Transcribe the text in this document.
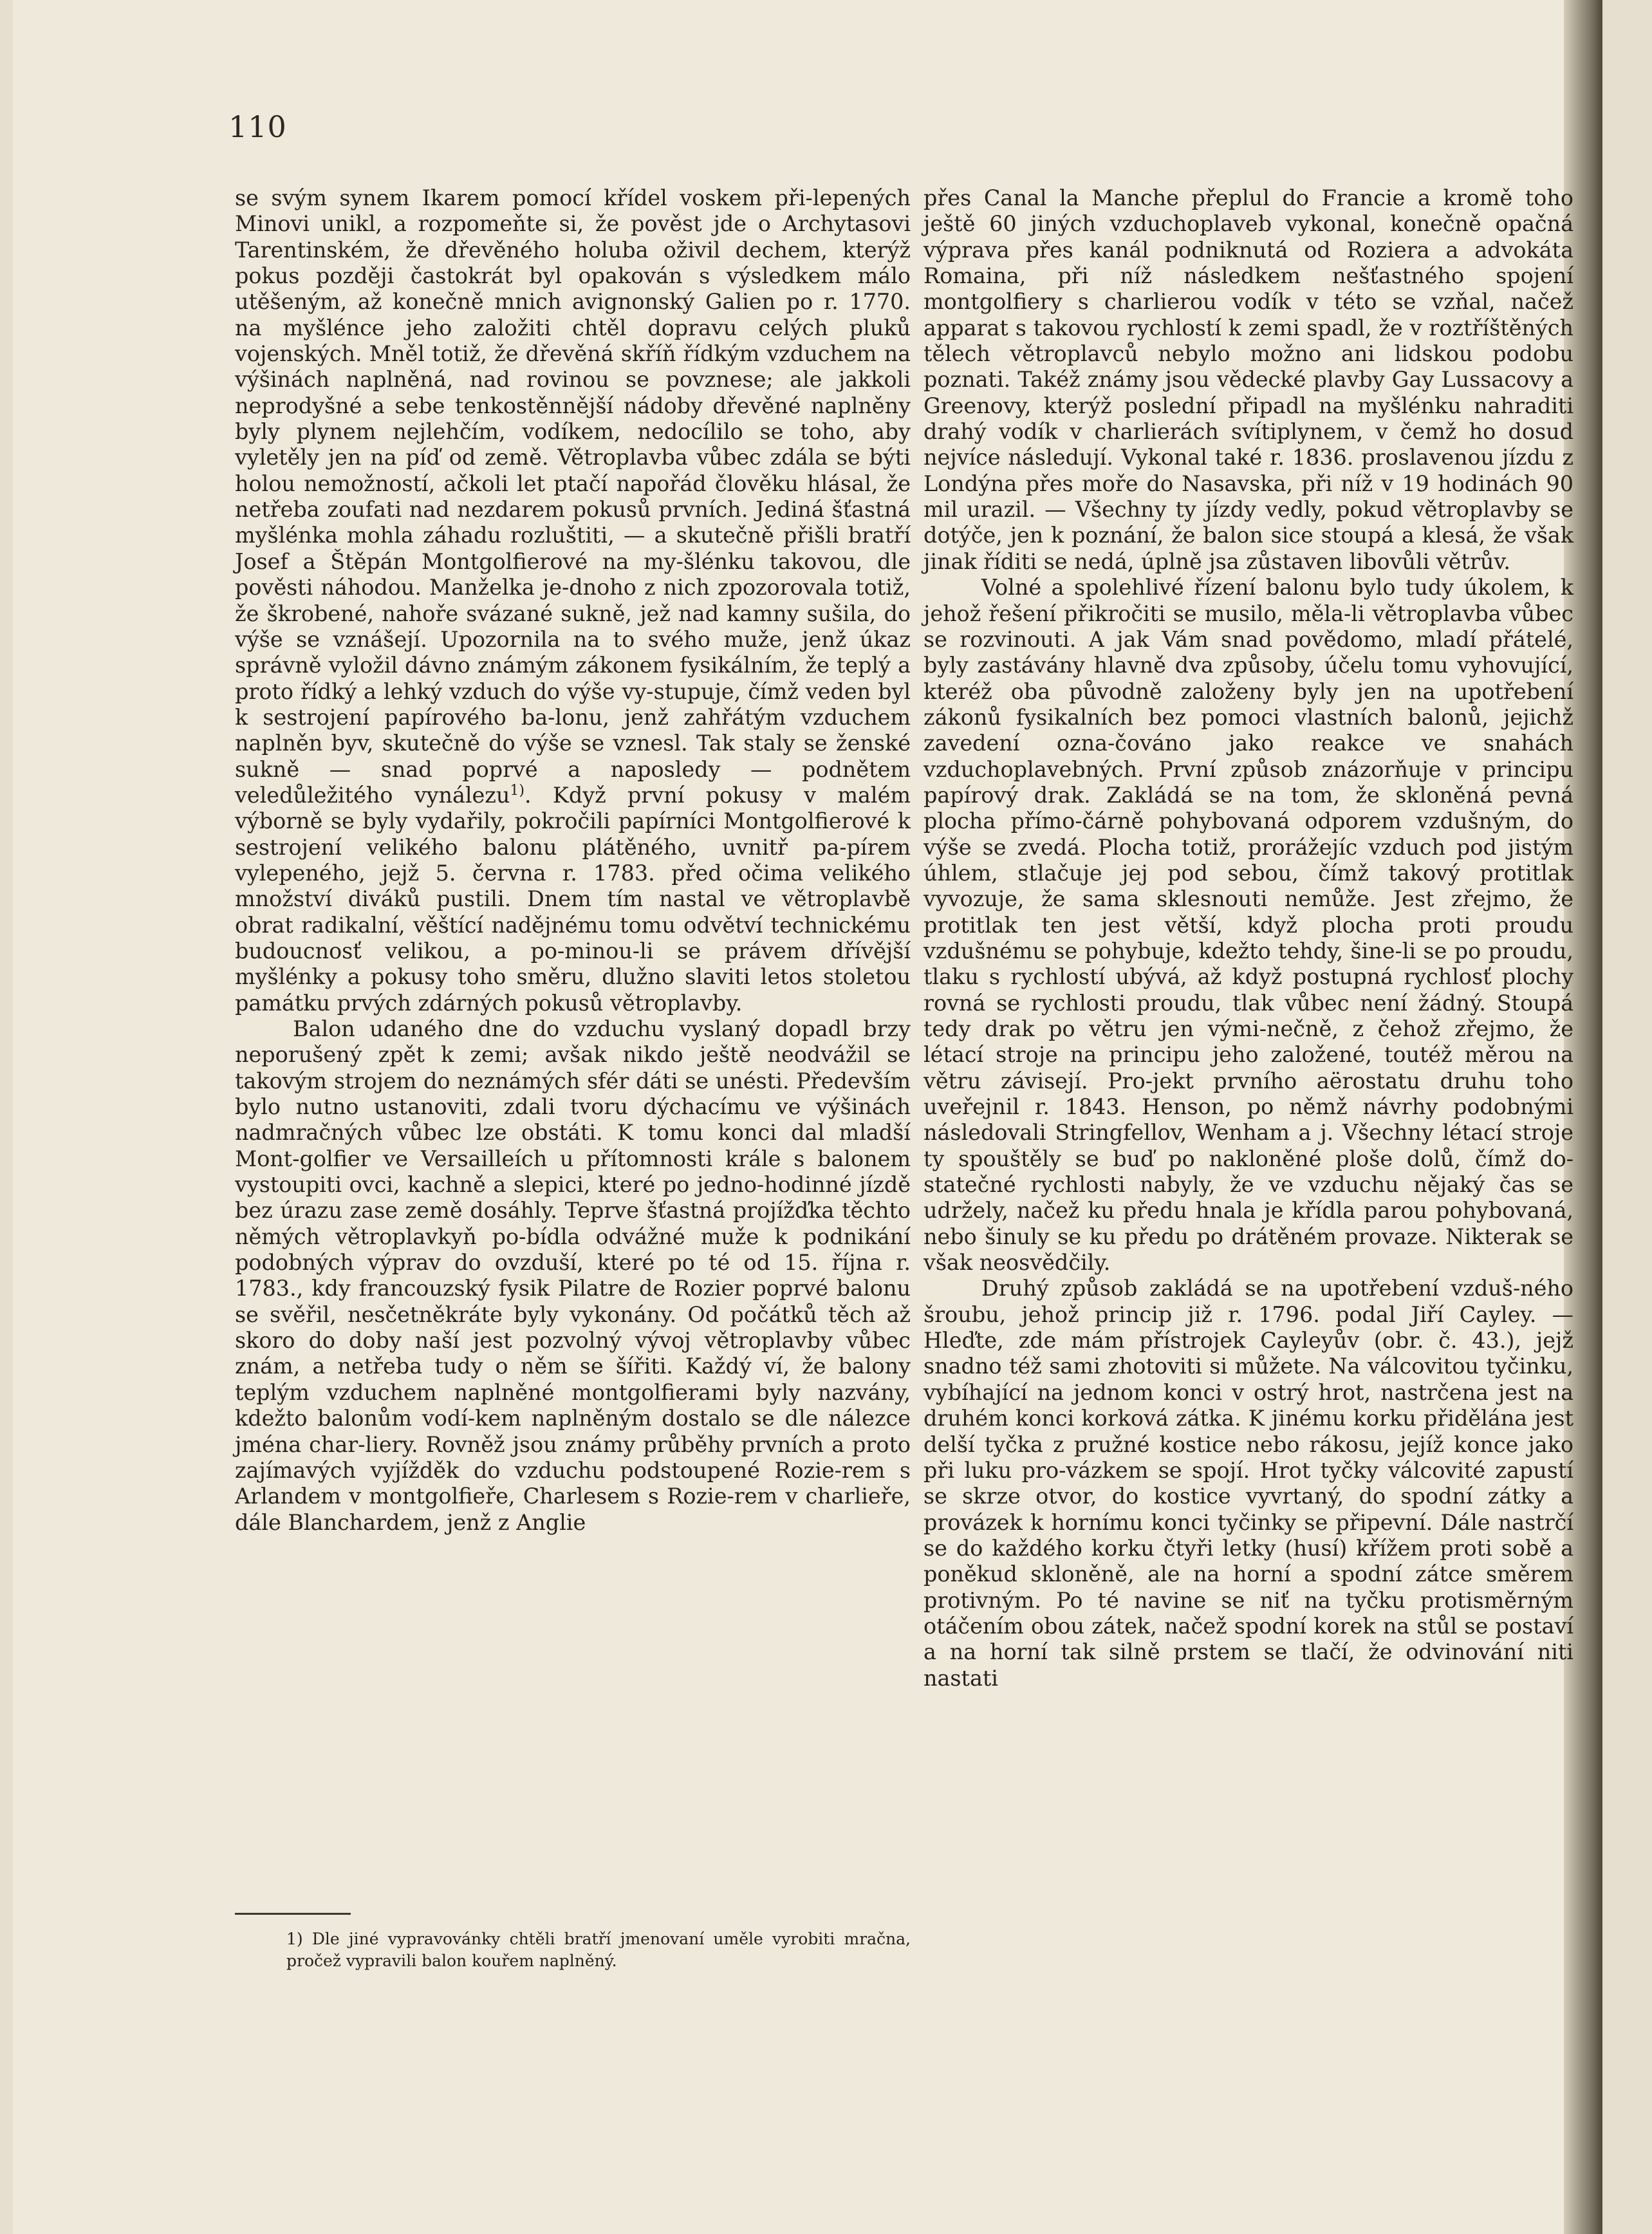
110

se svým synem Ikarem pomocí křídel voskem při-lepených Minovi unikl, a rozpomeňte si, že pověst jde o Archytasovi Tarentinském, že dřevěného holuba oživil dechem, kterýž pokus později častokrát byl opakován s výsledkem málo utěšeným, až konečně mnich avignonský Galien po r. 1770. na myšlénce jeho založiti chtěl dopravu celých pluků vojenských. Mněl totiž, že dřevěná skříň řídkým vzduchem na výšinách naplněná, nad rovinou se povznese; ale jakkoli neprodyšné a sebe tenkostěnnější nádoby dřevěné naplněny byly plynem nejlehčím, vodíkem, nedocílilo se toho, aby vyletěly jen na píď od země. Větroplavba vůbec zdála se býti holou nemožností, ačkoli let ptačí napořád člověku hlásal, že netřeba zoufati nad nezdarem pokusů prvních. Jediná šťastná myšlénka mohla záhadu rozluštiti, — a skutečně přišli bratří Josef a Štěpán Montgolfierové na my-šlénku takovou, dle pověsti náhodou. Manželka je-dnoho z nich zpozorovala totiž, že škrobené, nahoře svázané sukně, jež nad kamny sušila, do výše se vznášejí. Upozornila na to svého muže, jenž úkaz správně vyložil dávno známým zákonem fysikálním, že teplý a proto řídký a lehký vzduch do výše vy-stupuje, čímž veden byl k sestrojení papírového ba-lonu, jenž zahřátým vzduchem naplněn byv, skutečně do výše se vznesl. Tak staly se ženské sukně — snad poprvé a naposledy — podnětem veledůležitého vynálezu$^{1)}$. Když první pokusy v malém výborně se byly vydařily, pokročili papírníci Montgolfierové k sestrojení velikého balonu plátěného, uvnitř pa-pírem vylepeného, jejž 5. června r. 1783. před očima velikého množství diváků pustili. Dnem tím nastal ve větroplavbě obrat radikalní, věštící nadějnému tomu odvětví technickému budoucnosť velikou, a po-minou-li se právem dřívější myšlénky a pokusy toho směru, dlužno slaviti letos stoletou památku prvých zdárných pokusů větroplavby.

Balon udaného dne do vzduchu vyslaný dopadl brzy neporušený zpět k zemi; avšak nikdo ještě neodvážil se takovým strojem do neznámých sfér dáti se unésti. Především bylo nutno ustanoviti, zdali tvoru dýchacímu ve výšinách nadmračných vůbec lze obstáti. K tomu konci dal mladší Mont-golfier ve Versailleích u přítomnosti krále s balonem vystoupiti ovci, kachně a slepici, které po jedno-hodinné jízdě bez úrazu zase země dosáhly. Teprve šťastná projížďka těchto němých větroplavkyň po-bídla odvážné muže k podnikání podobných výprav do ovzduší, které po té od 15. října r. 1783., kdy francouzský fysik Pilatre de Rozier poprvé balonu se svěřil, nesčetněkráte byly vykonány. Od počátků těch až skoro do doby naší jest pozvolný vývoj větroplavby vůbec znám, a netřeba tudy o něm se šířiti. Každý ví, že balony teplým vzduchem naplněné montgolfierami byly nazvány, kdežto balonům vodí-kem naplněným dostalo se dle nálezce jména char-liery. Rovněž jsou známy průběhy prvních a proto zajímavých vyjížděk do vzduchu podstoupené Rozie-rem s Arlandem v montgolfieře, Charlesem s Rozie-rem v charlieře, dále Blanchardem, jenž z Anglie

přes Canal la Manche přeplul do Francie a kromě toho ještě 60 jiných vzduchoplaveb vykonal, konečně opačná výprava přes kanál podniknutá od Roziera a advokáta Romaina, při níž následkem nešťastného spojení montgolfiery s charlierou vodík v této se vzňal, načež apparat s takovou rychlostí k zemi spadl, že v roztříštěných tělech větroplavců nebylo možno ani lidskou podobu poznati. Takéž známy jsou vědecké plavby Gay Lussacovy a Greenovy, kterýž poslední připadl na myšlénku nahraditi drahý vodík v charlierách svítiplynem, v čemž ho dosud nejvíce následují. Vykonal také r. 1836. proslavenou jízdu z Londýna přes moře do Nasavska, při níž v 19 hodinách 90 mil urazil. — Všechny ty jízdy vedly, pokud větroplavby se dotýče, jen k poznání, že balon sice stoupá a klesá, že však jinak říditi se nedá, úplně jsa zůstaven libovůli větrův.

Volné a spolehlivé řízení balonu bylo tudy úkolem, k jehož řešení přikročiti se musilo, měla-li větroplavba vůbec se rozvinouti. A jak Vám snad povědomo, mladí přátelé, byly zastávány hlavně dva způsoby, účelu tomu vyhovující, kteréž oba původně založeny byly jen na upotřebení zákonů fysikalních bez pomoci vlastních balonů, jejichž zavedení ozna-čováno jako reakce ve snahách vzduchoplavebných. První způsob znázorňuje v principu papírový drak. Zakládá se na tom, že skloněná pevná plocha přímo-čárně pohybovaná odporem vzdušným, do výše se zvedá. Plocha totiž, prorážejíc vzduch pod jistým úhlem, stlačuje jej pod sebou, čímž takový protitlak vyvozuje, že sama sklesnouti nemůže. Jest zřejmo, že protitlak ten jest větší, když plocha proti proudu vzdušnému se pohybuje, kdežto tehdy, šine-li se po proudu, tlaku s rychlostí ubývá, až když postupná rychlosť plochy rovná se rychlosti proudu, tlak vůbec není žádný. Stoupá tedy drak po větru jen vými-nečně, z čehož zřejmo, že létací stroje na principu jeho založené, toutéž měrou na větru závisejí. Pro-jekt prvního aërostatu druhu toho uveřejnil r. 1843. Henson, po němž návrhy podobnými následovali Stringfellov, Wenham a j. Všechny létací stroje ty spouštěly se buď po nakloněné ploše dolů, čímž do-statečné rychlosti nabyly, že ve vzduchu nějaký čas se udržely, načež ku předu hnala je křídla parou pohybovaná, nebo šinuly se ku předu po drátěném provaze. Nikterak se však neosvědčily.

Druhý způsob zakládá se na upotřebení vzduš-ného šroubu, jehož princip již r. 1796. podal Jiří Cayley. — Hleďte, zde mám přístrojek Cayleyův (obr. č. 43.), jejž snadno též sami zhotoviti si můžete. Na válcovitou tyčinku, vybíhající na jednom konci v ostrý hrot, nastrčena jest na druhém konci korková zátka. K jinému korku přidělána jest delší tyčka z pružné kostice nebo rákosu, jejíž konce jako při luku pro-vázkem se spojí. Hrot tyčky válcovité zapustí se skrze otvor, do kostice vyvrtaný, do spodní zátky a provázek k hornímu konci tyčinky se připevní. Dále nastrčí se do každého korku čtyři letky (husí) křížem proti sobě a poněkud skloněně, ale na horní a spodní zátce směrem protivným. Po té navine se niť na tyčku protisměrným otáčením obou zátek, načež spodní korek na stůl se postaví a na horní tak silně prstem se tlačí, že odvinování niti nastati

1) Dle jiné vypravovánky chtěli bratří jmenovaní uměle vyrobiti mračna, pročež vypravili balon kouřem naplněný.
